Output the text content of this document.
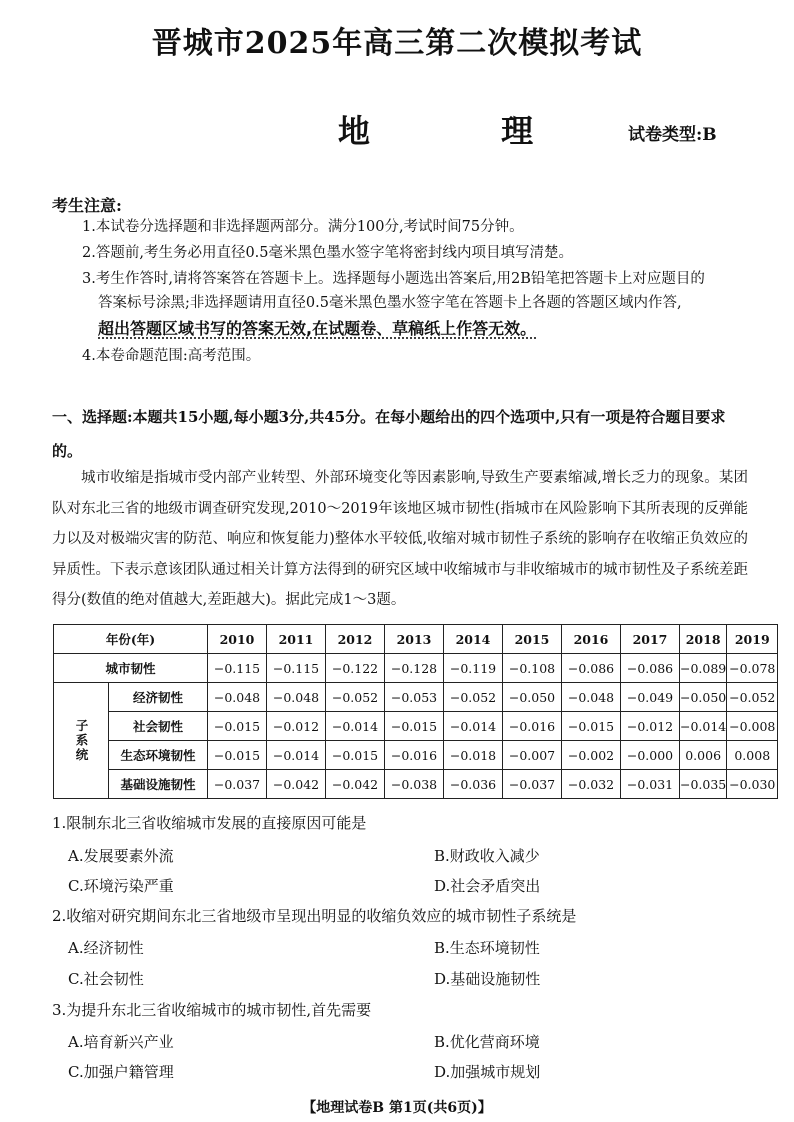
晋城市2025年高三第二次模拟考试
地 理 试卷类型:B
考生注意:
1.本试卷分选择题和非选择题两部分。满分100分,考试时间75分钟。
2.答题前,考生务必用直径0.5毫米黑色墨水签字笔将密封线内项目填写清楚。
3.考生作答时,请将答案答在答题卡上。选择题每小题选出答案后,用2B铅笔把答题卡上对应题目的
答案标号涂黑;非选择题请用直径0.5毫米黑色墨水签字笔在答题卡上各题的答题区域内作答,
超出答题区域书写的答案无效,在试题卷、草稿纸上作答无效。
4.本卷命题范围:高考范围。
一、选择题:本题共15小题,每小题3分,共45分。在每小题给出的四个选项中,只有一项是符合题目要求的。
城市收缩是指城市受内部产业转型、外部环境变化等因素影响,导致生产要素缩减,增长乏力的现象。某团队对东北三省的地级市调查研究发现,2010～2019年该地区城市韧性(指城市在风险影响下其所表现的反弹能力以及对极端灾害的防范、响应和恢复能力)整体水平较低,收缩对城市韧性子系统的影响存在收缩正负效应的异质性。下表示意该团队通过相关计算方法得到的研究区域中收缩城市与非收缩城市的城市韧性及子系统差距得分(数值的绝对值越大,差距越大)。据此完成1～3题。
年份(年)		2010	2011	2012	2013	2014	2015	2016	2017	2018	2019
城市韧性		−0.115	−0.115	−0.122	−0.128	−0.119	−0.108	−0.086	−0.086	−0.089	−0.078
子系统	经济韧性	−0.048	−0.048	−0.052	−0.053	−0.052	−0.050	−0.048	−0.049	−0.050	−0.052
	社会韧性	−0.015	−0.012	−0.014	−0.015	−0.014	−0.016	−0.015	−0.012	−0.014	−0.008
	生态环境韧性	−0.015	−0.014	−0.015	−0.016	−0.018	−0.007	−0.002	−0.000	0.006	0.008
	基础设施韧性	−0.037	−0.042	−0.042	−0.038	−0.036	−0.037	−0.032	−0.031	−0.035	−0.030
1.限制东北三省收缩城市发展的直接原因可能是
A.发展要素外流	B.财政收入减少
C.环境污染严重	D.社会矛盾突出
2.收缩对研究期间东北三省地级市呈现出明显的收缩负效应的城市韧性子系统是
A.经济韧性	B.生态环境韧性
C.社会韧性	D.基础设施韧性
3.为提升东北三省收缩城市的城市韧性,首先需要
A.培育新兴产业	B.优化营商环境
C.加强户籍管理	D.加强城市规划
【地理试卷B 第1页(共6页)】
